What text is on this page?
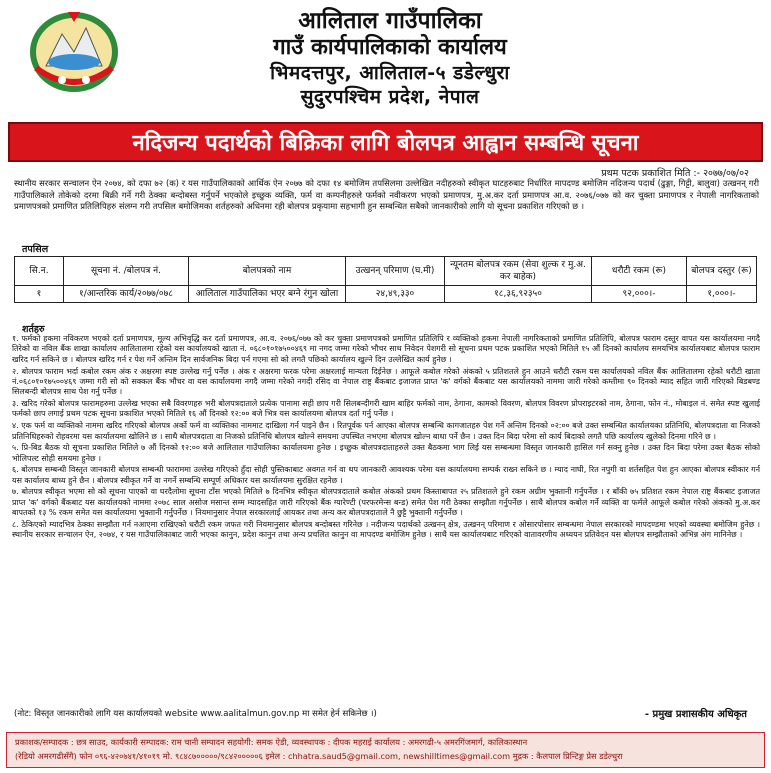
आलिताल गाउँपालिका
गाउँ कार्यपालिकाको कार्यालय
भिमदत्तपुर, आलिताल-५ डडेल्धुरा
सुदुरपश्चिम प्रदेश, नेपाल
नदिजन्य पदार्थको बिक्रिका लागि बोलपत्र आह्वान सम्बन्धि सूचना
प्रथम पटक प्रकाशित मिति :- २०७७/०७/०२
स्थानीय सरकार सन्चालन ऐन २०७४, को दफा ७२ (क) र यस गाउँपालिकाको आर्थिक ऐन २०७७ को दफा १४ बमोजिम तपसिलमा उल्लेखित नदीहरुको स्वीकृत घाटहरुबाट निर्धारित मापदण्ड बमोजिम नदिजन्य पदार्थ (ढुङ्गा, गिट्टी, बालुवा) उत्खनन् गरी गाउँपालिकाले तोकेको दरमा बिक्री गर्ने गरी ठेक्का बन्दोबस्त गर्नुपर्ने भएकोले इच्छुक व्यक्ति, फर्म वा कम्पनीहरुले फर्मको नवीकरण भएको प्रमाणपत्र, मु.अ.कर दर्ता प्रमाणपत्र आ.व. २०७६/०७७ को कर चुक्ता प्रमाणपत्र र नेपाली नागरिकताको प्रमाणपत्रको प्रमाणित प्रतिलिपिहरु संलग्न गरी तपसिल बमोजिमका शर्तहरुको अधिनमा रही बोलपत्र प्रकृयामा सहभागी हुन सम्बन्धित सबैको जानकारीको लागि यो सूचना प्रकाशित गरिएको छ ।
तपसिल
सि.न.	सूचना नं. /बोलपत्र नं.	बोलपत्रको नाम	उत्खनन् परिमाण (घ.मी)	न्यूनतम बोलपत्र रकम (सेवा शुल्क र मु.अ. कर बाहेक)	धरौटी रकम (रू)	बोलपत्र दस्तुर (रू)
१	१/आन्तरिक कार्य/२०७७/०७८	आलिताल गाउँपालिका भएर बग्ने रंगुन खोला	२४,४९,३३०	१८,३६,९२३५०	९२,०००।-	१,०००।-
शर्तहरु
१. फर्मको हकमा नविकरण भएको दर्ता प्रमाणपत्र, मूल्य अभिवृद्धि कर दर्ता प्रमाणपत्र, आ.व. २०७६/०७७ को कर चुक्ता प्रमाणपत्रको प्रमाणित प्रतिलिपि र व्यक्तिको हकमा नेपाली नागरिकताको प्रमाणित प्रतिलिपि, बोलपत्र फाराम दस्तुर वापत यस कार्यालयमा नगदै तिरेको वा नविल बैंक शाखा कार्यालय आलितालमा रहेको यस कार्यालयको खाता नं. ०६८०१०१७५००४६९ मा नगद जम्मा गरेको भौचर साथ निवेदन पेशगरी सो सूचना प्रथम पटक प्रकाशित भएको मितिले १५ औं दिनको कार्यालय समयभित्र कार्यालयबाट बोलपत्र फाराम खरिद गर्न सकिने छ । बोलपत्र खरिद गर्न र पेश गर्ने अन्तिम दिन सार्वजनिक बिदा पर्न गएमा सो को लगतै पछिको कार्यालय खुल्ने दिन उल्लेखित कार्य हुनेछ ।
२. बोलपत्र फाराम भर्दा कबोल रकम अंक र अक्षरमा स्पष्ट उल्लेख गर्नु पर्नेछ । अंक र अक्षरमा फरक परेमा अक्षरलाई मान्यता दिईनेछ । आफूले कबोल गरेको अंकको ५ प्रतिशतले हुन आउने धरौटी रकम यस कार्यालयको नविल बैंक आलितालमा रहेको धरौटी खाता नं.०६८०१०१७५००४६९ जम्मा गरी सो को सक्कल बैंक भौचर वा यस कार्यालयमा नगदै जम्मा गरेको नगदी रसिद वा नेपाल राष्ट्र बैंकबाट इजाजत प्राप्त 'क' वर्गको बैंकबाट यस कार्यालयको नाममा जारी गरेको कम्तीमा ९० दिनको म्याद सहित जारी गरिएको बिडबण्ड सिलबन्दी बोलपत्र साथ पेश गर्नु पर्नेछ ।
३. खरिद गरेको बोलपत्र फारामहरुमा उल्लेख भएका सबै विवरणहरु भरी बोलपत्रदाताले प्रत्येक पानामा सही छाप गरी सिलबन्दीगरी खाम बाहिर फर्मको नाम, ठेगाना, कामको विवरण, बोलपत्र विवरण प्रोपराइटरको नाम, ठेगाना, फोन नं., मोबाइल नं. समेत स्पष्ट खुलाई फर्मको छाप लगाई प्रथम पटक सूचना प्रकाशित भएको मितिले १६ औं दिनको १२:०० बजे भित्र यस कार्यालयमा बोलपत्र दर्ता गर्नु पर्नेछ ।
४. एक फर्म वा व्यक्तिको नाममा खरिद गरिएको बोलपत्र अर्को फर्म वा व्यक्तिका नाममाट दाखिला गर्न पाइने छैन । रितपूर्वक पर्न आएका बोलपत्र सम्बन्धि कागजातहरु पेश गर्ने अन्तिम दिनको ०२:०० बजे उक्त सम्बन्धित कार्यालयका प्रतिनिधि, बोलपत्रदाता वा निजको प्रतिनिधिहरुको रोहवरमा यस कार्यालयमा खोलिने छ । साथै बोलपत्रदाता वा निजको प्रतिनिधि बोलपत्र खोल्ने समयमा उपस्थित नभएमा बोलपत्र खोल्न बाधा पर्ने छैन । उक्त दिन बिदा परेमा सो कार्य बिदाको लगतै पछि कार्यालय खुलेको दिनमा गरिने छ ।
५. प्रि-बिड बैठक यो सूचना प्रकाशित मितिले ७ औं दिनको १२:०० बजे आलिताल गाउँपालिका कार्यालयमा हुनेछ । इच्छुक बोलपत्रदाताहरुले उक्त बैठकमा भाग लिई यस सम्बन्धमा विस्तृत जानकारी हासिल गर्न सक्नु हुनेछ । उक्त दिन बिदा परेमा उक्त बैठक सोको भोलिपल्ट सोही समयमा हुनेछ ।
६. बोलपत्र सम्बन्धी विस्तृत जानकारी बोलपत्र सम्बन्धी फाराममा उल्लेख गरिएको हुँदा सोही पुस्तिकाबाट अवगत गर्न वा थप जानकारी आवश्यक परेमा यस कार्यालयमा सम्पर्क राख्न सकिने छ । म्याद नाघी, रित नपुगी वा शर्तसहित पेश हुन आएका बोलपत्र स्वीकार गर्न यस कार्यालय बाध्य हुने छैन । बोलपत्र स्वीकृत गर्ने वा नगर्ने सम्बन्धि सम्पूर्ण अधिकार यस कार्यालयमा सुरक्षित रहनेछ ।
७. बोलपत्र स्वीकृत भएमा सो को सूचना पाएको वा घरदैलोमा सूचना टाँस भएको मितिले ७ दिनभित्र स्वीकृत बोलपत्रदाताले कबोल अंकको प्रथम किस्ताबापत २५ प्रतिशतले हुने रकम अग्रीम भुक्तानी गर्नुपर्नेछ । र बाँकी ७५ प्रतिशत रकम नेपाल राष्ट्र बैंकबाट इजाजत प्राप्त 'क' वर्गको बैंकबाट यस कार्यालयको नाममा २०७८ साल असोज मसान्त सम्म म्यादसहित जारी गरिएको बैंक ग्यारेण्टी (परफरमेन्स बन्ड) समेत पेश गरी ठेक्का सम्झौता गर्नुपर्नेछ । साथै बोलपत्र कबोल गर्ने व्यक्ति वा फर्मले आफूले कबोल गरेको अंकको मु.अ.कर बापतको १३ % रकम समेत यस कार्यालयमा भुक्तानी गर्नुपर्नेछ । नियमानुसार नेपाल सरकारलाई आयकर तथा अन्य कर बोलपत्रदाताले नै छुट्टै भुक्तानी गर्नुपर्नेछ ।
८. ठेकिएको म्यादभित्र ठेक्का सम्झौता गर्न नआएमा राखिएको धरौटी रकम जफत गरी नियमानुसार बोलपत्र बन्दोबस्त गरिनेछ । नदीजन्य पदार्थको उत्खनन् क्षेत्र, उत्खनन् परिमाण र ओसारपोसार सम्बन्धमा नेपाल सरकारको मापदण्डमा भएको व्यवस्था बमोजिम हुनेछ । स्थानीय सरकार सन्चालन ऐन, २०७४, र यस गाउँपालिकाबाट जारी भएका कानुन, प्रदेश कानुन तथा अन्य प्रचलित कानुन वा मापदण्ड बमोजिम हुनेछ । साथै यस कार्यालयबाट गरिएको वातावरणीय अध्ययन प्रतिवेदन यस बोलपत्र सम्झौताको अभिन्न अंग मानिनेछ ।
(नोट: विस्तृत जानकारीको लागि यस कार्यालयको website www.aalitalmun.gov.np मा समेत हेर्न सकिनेछ ।)	- प्रमुख प्रशासकीय अधिकृत
प्रकाशक/सम्पादक : छत्र साउद, कार्यकारी सम्पादक: राम चानी सम्पादन सहयोगी: समक ऐडी, व्यवस्थापक : दीपक महराई कार्यालय : अमरगढी-५ अमरगिंजमार्ग, कालिकास्थान
(रेडियो अमरगढीसँगै) फोन ०९६-४२०७४१/४१०१९ मो. ९८४८७०००००/९८४२०००००६ इमेल : chhatra.saud5@gmail.com, newshilltimes@gmail.com मुद्रक : कैलपाल प्रिन्टिङ्ग प्रेस डडेल्धुरा
